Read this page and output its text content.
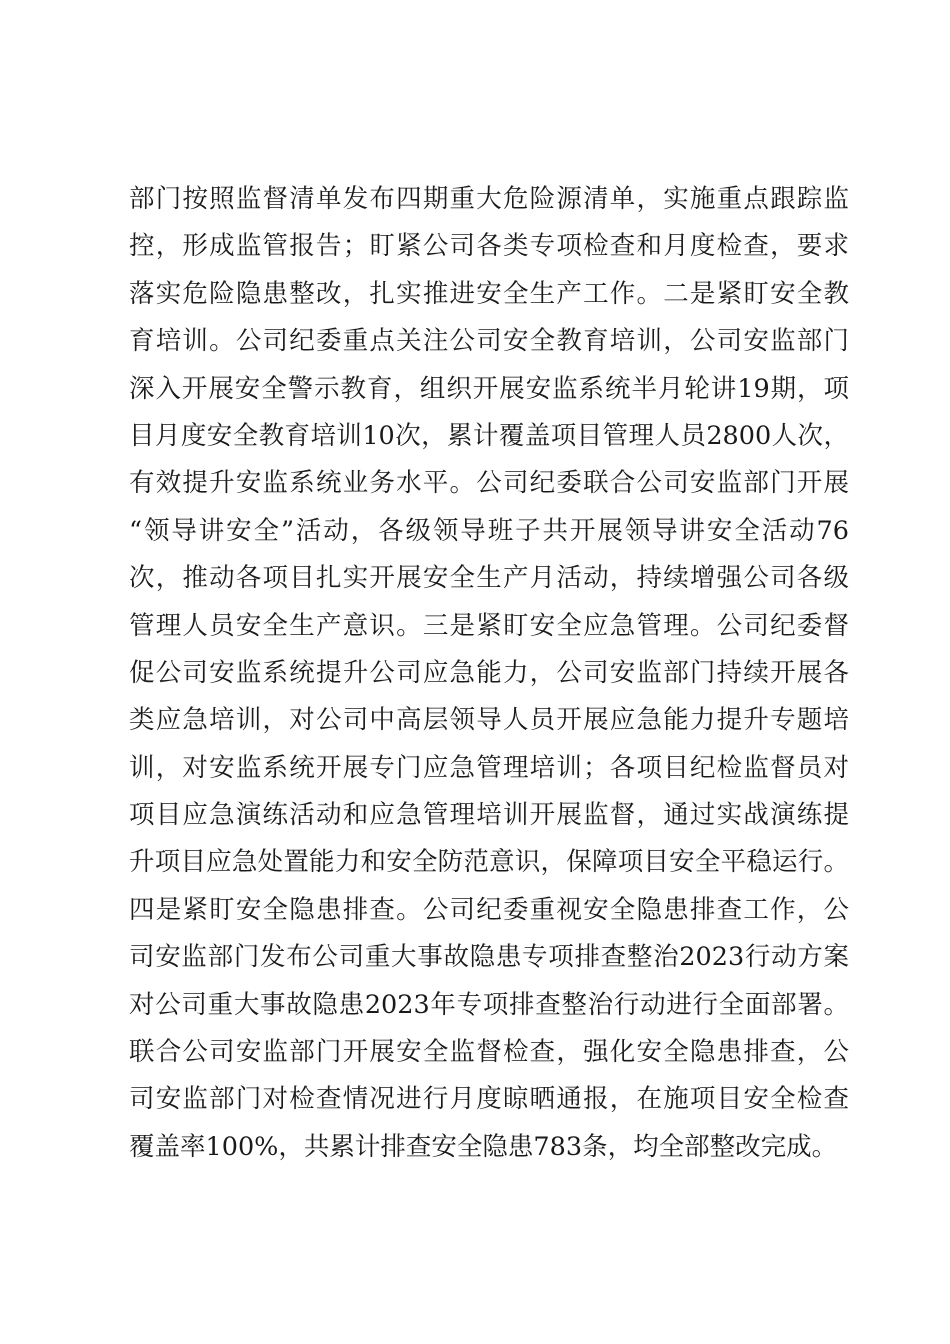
部门按照监督清单发布四期重大危险源清单，实施重点跟踪监
控，形成监管报告；盯紧公司各类专项检查和月度检查，要求
落实危险隐患整改，扎实推进安全生产工作。二是紧盯安全教
育培训。公司纪委重点关注公司安全教育培训，公司安监部门
深入开展安全警示教育，组织开展安监系统半月轮讲19期，项
目月度安全教育培训10次，累计覆盖项目管理人员2800人次，
有效提升安监系统业务水平。公司纪委联合公司安监部门开展
“领导讲安全”活动，各级领导班子共开展领导讲安全活动76
次，推动各项目扎实开展安全生产月活动，持续增强公司各级
管理人员安全生产意识。三是紧盯安全应急管理。公司纪委督
促公司安监系统提升公司应急能力，公司安监部门持续开展各
类应急培训，对公司中高层领导人员开展应急能力提升专题培
训，对安监系统开展专门应急管理培训；各项目纪检监督员对
项目应急演练活动和应急管理培训开展监督，通过实战演练提
升项目应急处置能力和安全防范意识，保障项目安全平稳运行。
四是紧盯安全隐患排查。公司纪委重视安全隐患排查工作，公
司安监部门发布公司重大事故隐患专项排查整治2023行动方案
对公司重大事故隐患2023年专项排查整治行动进行全面部署。
联合公司安监部门开展安全监督检查，强化安全隐患排查，公
司安监部门对检查情况进行月度晾晒通报，在施项目安全检查
覆盖率100%，共累计排查安全隐患783条，均全部整改完成。
